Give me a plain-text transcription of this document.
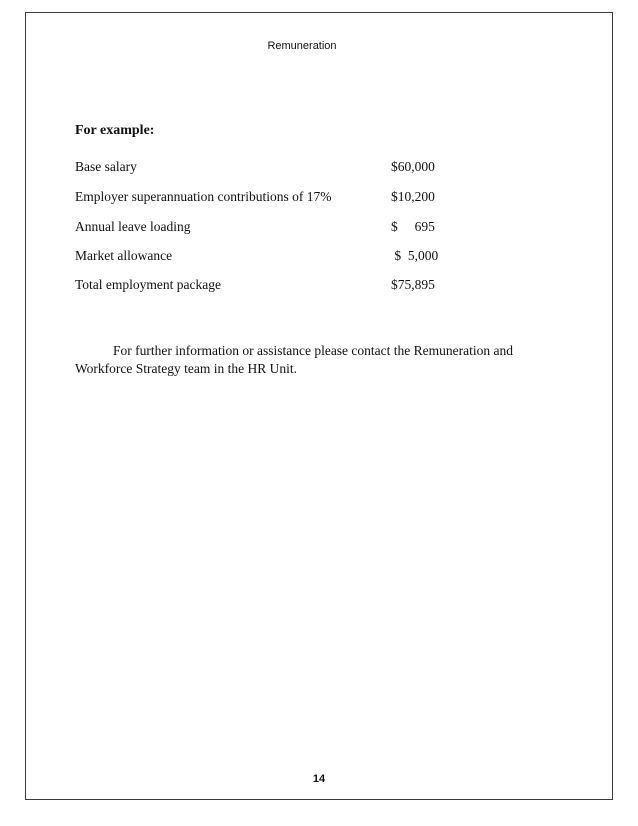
Remuneration
For example:
Base salary	$60,000
Employer superannuation contributions of 17%	$10,200
Annual leave loading	$     695
Market allowance	$  5,000
Total employment package	$75,895
For further information or assistance please contact the Remuneration and Workforce Strategy team in the HR Unit.
14
